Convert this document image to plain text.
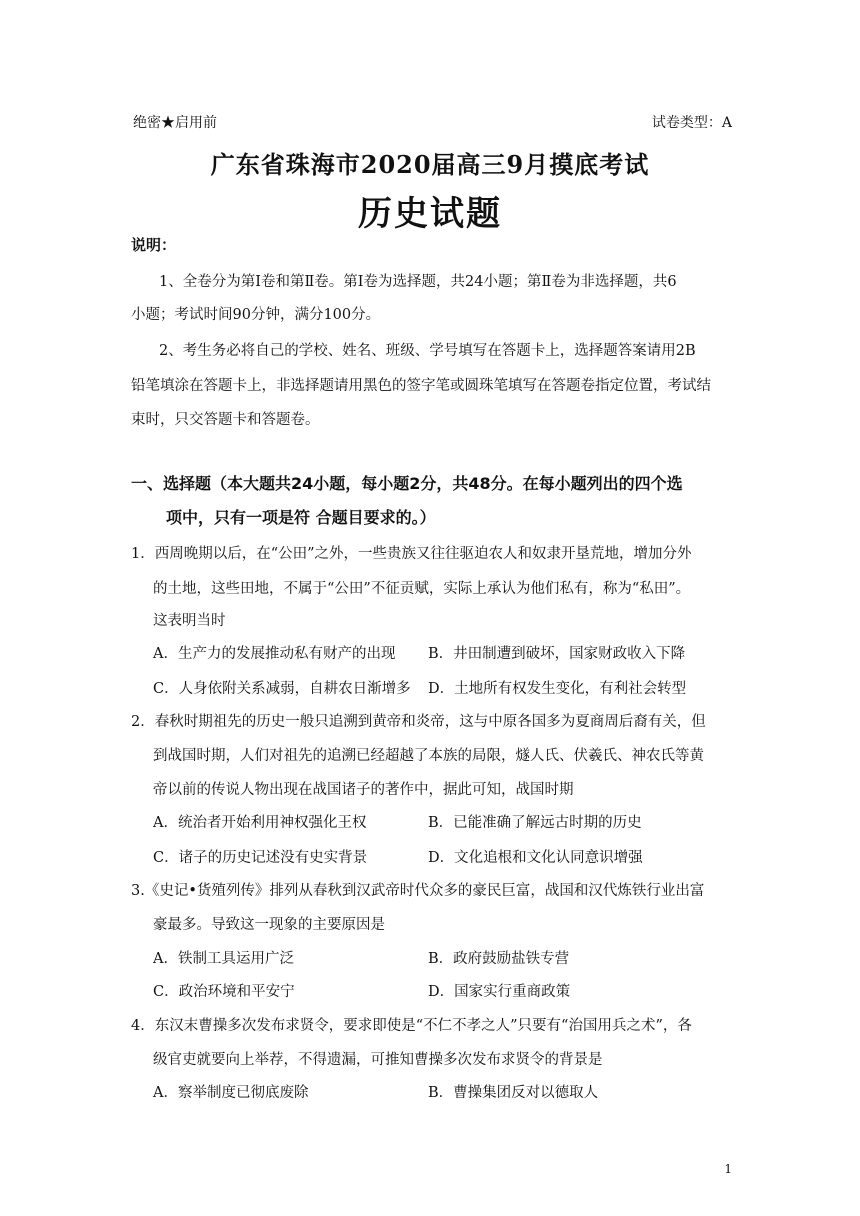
绝密★启用前	试卷类型：A
广东省珠海市2020届高三9月摸底考试
历史试题
说明：
1、全卷分为第Ⅰ卷和第Ⅱ卷。第Ⅰ卷为选择题，共24小题；第Ⅱ卷为非选择题，共6
小题；考试时间90分钟，满分100分。
2、考生务必将自己的学校、姓名、班级、学号填写在答题卡上，选择题答案请用2B
铅笔填涂在答题卡上，非选择题请用黑色的签字笔或圆珠笔填写在答题卷指定位置，考试结
束时，只交答题卡和答题卷。
一、选择题（本大题共24小题，每小题2分，共48分。在每小题列出的四个选
项中，只有一项是符 合题目要求的。）
1．西周晚期以后，在“公田”之外，一些贵族又往往驱迫农人和奴隶开垦荒地，增加分外
的土地，这些田地，不属于“公田”不征贡赋，实际上承认为他们私有，称为“私田”。
这表明当时
A．生产力的发展推动私有财产的出现 B．井田制遭到破坏，国家财政收入下降
C．人身依附关系减弱，自耕农日渐增多 D．土地所有权发生变化，有利社会转型
2．春秋时期祖先的历史一般只追溯到黄帝和炎帝，这与中原各国多为夏商周后裔有关，但
到战国时期，人们对祖先的追溯已经超越了本族的局限，燧人氏、伏羲氏、神农氏等黄
帝以前的传说人物出现在战国诸子的著作中，据此可知，战国时期
A．统治者开始利用神权强化王权	B．已能准确了解远古时期的历史
C．诸子的历史记述没有史实背景	D．文化追根和文化认同意识增强
3.《史记•货殖列传》排列从春秋到汉武帝时代众多的豪民巨富，战国和汉代炼铁行业出富
豪最多。导致这一现象的主要原因是
A．铁制工具运用广泛	B．政府鼓励盐铁专营
C．政治环境和平安宁	D．国家实行重商政策
4．东汉末曹操多次发布求贤令，要求即使是“不仁不孝之人”只要有“治国用兵之术”，各
级官吏就要向上举荐，不得遗漏，可推知曹操多次发布求贤令的背景是
A．察举制度已彻底废除	B．曹操集团反对以德取人
1
